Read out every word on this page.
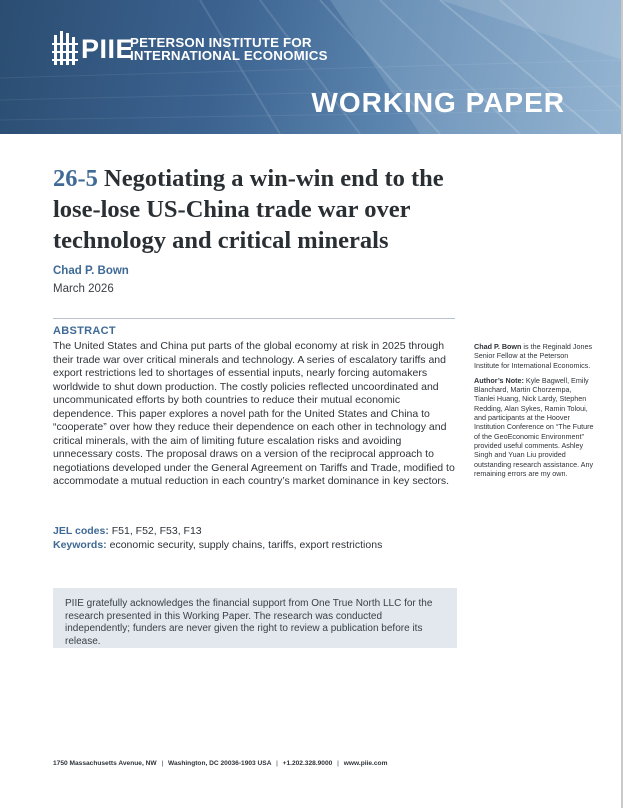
PIIE
PETERSON INSTITUTE FOR
INTERNATIONAL ECONOMICS
WORKING PAPER
26-5 Negotiating a win-win end to the
lose-lose US-China trade war over
technology and critical minerals
Chad P. Bown
March 2026
ABSTRACT

The United States and China put parts of the global economy at risk in 2025 through their trade war over critical minerals and technology. A series of escalatory tariffs and export restrictions led to shortages of essential inputs, nearly forcing automakers worldwide to shut down production. The costly policies reflected uncoordinated and uncommunicated efforts by both countries to reduce their mutual economic dependence. This paper explores a novel path for the United States and China to “cooperate” over how they reduce their dependence on each other in technology and critical minerals, with the aim of limiting future escalation risks and avoiding unnecessary costs. The proposal draws on a version of the reciprocal approach to negotiations developed under the General Agreement on Tariffs and Trade, modified to accommodate a mutual reduction in each country’s market dominance in key sectors.

JEL codes: F51, F52, F53, F13
Keywords: economic security, supply chains, tariffs, export restrictions

Chad P. Bown is the Reginald Jones Senior Fellow at the Peterson Institute for International Economics.

Author’s Note: Kyle Bagwell, Emily Blanchard, Martin Chorzempa, Tianlei Huang, Nick Lardy, Stephen Redding, Alan Sykes, Ramin Toloui, and participants at the Hoover Institution Conference on “The Future of the GeoEconomic Environment” provided useful comments. Ashley Singh and Yuan Liu provided outstanding research assistance. Any remaining errors are my own.

PIIE gratefully acknowledges the financial support from One True North LLC for the research presented in this Working Paper. The research was conducted independently; funders are never given the right to review a publication before its release.
1750 Massachusetts Avenue, NW | Washington, DC 20036-1903 USA | +1.202.328.9000 | www.piie.com
